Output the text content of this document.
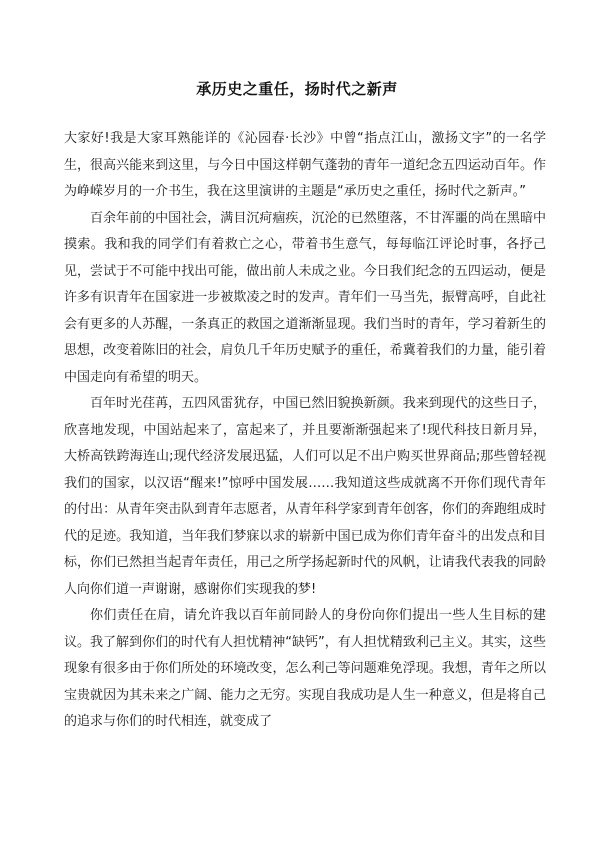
承历史之重任，扬时代之新声

大家好!我是大家耳熟能详的《沁园春·长沙》中曾“指点江山，激扬文字”的一名学生，很高兴能来到这里，与今日中国这样朝气蓬勃的青年一道纪念五四运动百年。作为峥嵘岁月的一介书生，我在这里演讲的主题是“承历史之重任，扬时代之新声。”

百余年前的中国社会，满目沉疴痼疾，沉沦的已然堕落，不甘浑噩的尚在黑暗中摸索。我和我的同学们有着救亡之心，带着书生意气，每每临江评论时事，各抒己见，尝试于不可能中找出可能，做出前人未成之业。今日我们纪念的五四运动，便是许多有识青年在国家进一步被欺凌之时的发声。青年们一马当先，振臂高呼，自此社会有更多的人苏醒，一条真正的救国之道渐渐显现。我们当时的青年，学习着新生的思想，改变着陈旧的社会，肩负几千年历史赋予的重任，希冀着我们的力量，能引着中国走向有希望的明天。

百年时光荏苒，五四风雷犹存，中国已然旧貌换新颜。我来到现代的这些日子，欣喜地发现，中国站起来了，富起来了，并且要渐渐强起来了!现代科技日新月异，大桥高铁跨海连山;现代经济发展迅猛，人们可以足不出户购买世界商品;那些曾轻视我们的国家，以汉语“醒来!”惊呼中国发展……我知道这些成就离不开你们现代青年的付出：从青年突击队到青年志愿者，从青年科学家到青年创客，你们的奔跑组成时代的足迹。我知道，当年我们梦寐以求的崭新中国已成为你们青年奋斗的出发点和目标，你们已然担当起青年责任，用己之所学扬起新时代的风帆，让请我代表我的同龄人向你们道一声谢谢，感谢你们实现我的梦!

你们责任在肩，请允许我以百年前同龄人的身份向你们提出一些人生目标的建议。我了解到你们的时代有人担忧精神“缺钙”，有人担忧精致利己主义。其实，这些现象有很多由于你们所处的环境改变，怎么利己等问题难免浮现。我想，青年之所以宝贵就因为其未来之广阔、能力之无穷。实现自我成功是人生一种意义，但是将自己的追求与你们的时代相连，就变成了
